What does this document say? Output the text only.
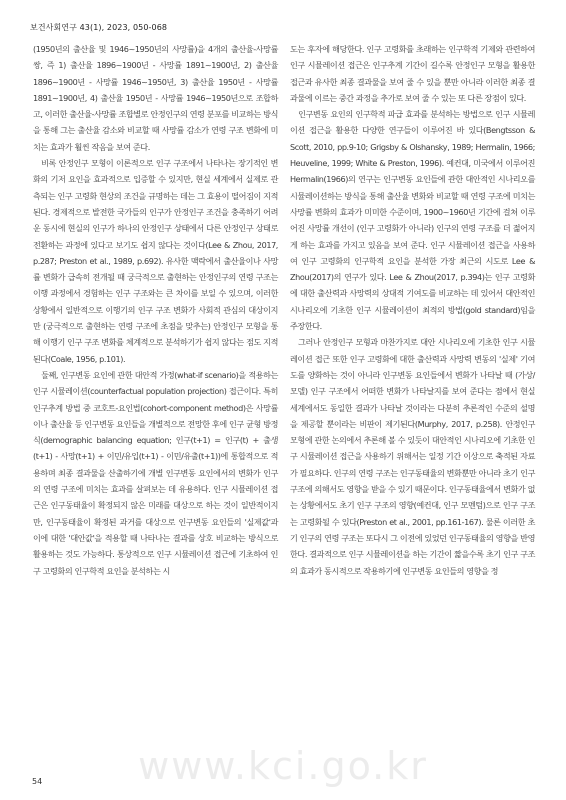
보건사회연구 43(1), 2023, 050-068

(1950년의 출산율 및 1946~1950년의 사망률)을 4개의 출산율-사망률 쌍, 즉 1) 출산율 1896~1900년 - 사망률 1891~1900년, 2) 출산율 1896~1900년 - 사망률 1946~1950년, 3) 출산율 1950년 - 사망률 1891~1900년, 4) 출산율 1950년 - 사망률 1946~1950년으로 조합하고, 이러한 출산율-사망률 조합별로 안정인구의 연령 분포를 비교하는 방식을 통해 그는 출산율 감소와 비교할 때 사망률 감소가 연령 구조 변화에 미치는 효과가 훨씬 작음을 보여 준다.

비록 안정인구 모형이 이론적으로 인구 구조에서 나타나는 장기적인 변화의 기저 요인을 효과적으로 입증할 수 있지만, 현실 세계에서 실제로 관측되는 인구 고령화 현상의 조건을 규명하는 데는 그 효용이 떨어짐이 지적된다. 경제적으로 발전한 국가들의 인구가 안정인구 조건을 충족하기 어려운 동시에 현실의 인구가 하나의 안정인구 상태에서 다른 안정인구 상태로 전환하는 과정에 있다고 보기도 쉽지 않다는 것이다(Lee & Zhou, 2017, p.287; Preston et al., 1989, p.692). 유사한 맥락에서 출산율이나 사망률 변화가 급속히 전개될 때 궁극적으로 출현하는 안정인구의 연령 구조는 이행 과정에서 경험하는 인구 구조와는 큰 차이를 보일 수 있으며, 이러한 상황에서 일반적으로 이행기의 인구 구조 변화가 사회적 관심의 대상이지만 (궁극적으로 출현하는 연령 구조에 초점을 맞추는) 안정인구 모형을 통해 이행기 인구 구조 변화를 체계적으로 분석하기가 쉽지 않다는 점도 지적된다(Coale, 1956, p.101).

둘째, 인구변동 요인에 관한 대안적 가정(what-if scenario)을 적용하는 인구 시뮬레이션(counterfactual population projection) 접근이다. 특히 인구추계 방법 중 코호트-요인법(cohort-component method)은 사망률이나 출산율 등 인구변동 요인들을 개별적으로 전망한 후에 인구 균형 방정식(demographic balancing equation; 인구(t+1) = 인구(t) + 출생(t+1) - 사망(t+1) + 이민/유입(t+1) - 이민/유출(t+1))에 통합적으로 적용하며 최종 결과물을 산출하기에 개별 인구변동 요인에서의 변화가 인구의 연령 구조에 미치는 효과를 살펴보는 데 유용하다. 인구 시뮬레이션 접근은 인구동태율이 확정되지 않은 미래를 대상으로 하는 것이 일반적이지만, 인구동태율이 확정된 과거를 대상으로 인구변동 요인들의 '실제값'과 이에 대한 '대안값'을 적용할 때 나타나는 결과를 상호 비교하는 방식으로 활용하는 것도 가능하다. 통상적으로 인구 시뮬레이션 접근에 기초하여 인구 고령화의 인구학적 요인을 분석하는 시

도는 후자에 해당한다. 인구 고령화를 초래하는 인구학적 기제와 관련하여 인구 시뮬레이션 접근은 인구추계 기간이 길수록 안정인구 모형을 활용한 접근과 유사한 최종 결과물을 보여 줄 수 있을 뿐만 아니라 이러한 최종 결과물에 이르는 중간 과정을 추가로 보여 줄 수 있는 또 다른 장점이 있다.

인구변동 요인의 인구학적 파급 효과를 분석하는 방법으로 인구 시뮬레이션 접근을 활용한 다양한 연구들이 이루어진 바 있다(Bengtsson & Scott, 2010, pp.9-10; Grigsby & Olshansky, 1989; Hermalin, 1966; Heuveline, 1999; White & Preston, 1996). 예컨대, 미국에서 이루어진 Hermalin(1966)의 연구는 인구변동 요인들에 관한 대안적인 시나리오를 시뮬레이션하는 방식을 통해 출산율 변화와 비교할 때 연령 구조에 미치는 사망률 변화의 효과가 미미한 수준이며, 1900~1960년 기간에 걸쳐 이루어진 사망률 개선이 (인구 고령화가 아니라) 인구의 연령 구조를 더 젊어지게 하는 효과를 가지고 있음을 보여 준다. 인구 시뮬레이션 접근을 사용하여 인구 고령화의 인구학적 요인을 분석한 가장 최근의 시도로 Lee & Zhou(2017)의 연구가 있다. Lee & Zhou(2017, p.394)는 인구 고령화에 대한 출산력과 사망력의 상대적 기여도를 비교하는 데 있어서 대안적인 시나리오에 기초한 인구 시뮬레이션이 최적의 방법(gold standard)임을 주장한다.

그러나 안정인구 모형과 마찬가지로 대안 시나리오에 기초한 인구 시뮬레이션 접근 또한 인구 고령화에 대한 출산력과 사망력 변동의 '실제' 기여도를 양화하는 것이 아니라 인구변동 요인들에서 변화가 나타날 때 (가상/모델) 인구 구조에서 어떠한 변화가 나타날지를 보여 준다는 점에서 현실 세계에서도 동일한 결과가 나타날 것이라는 다분히 추론적인 수준의 설명을 제공할 뿐이라는 비판이 제기된다(Murphy, 2017, p.258). 안정인구 모형에 관한 논의에서 추론해 볼 수 있듯이 대안적인 시나리오에 기초한 인구 시뮬레이션 접근을 사용하기 위해서는 일정 기간 이상으로 축적된 자료가 필요하다. 인구의 연령 구조는 인구동태율의 변화뿐만 아니라 초기 인구 구조에 의해서도 영향을 받을 수 있기 때문이다. 인구동태율에서 변화가 없는 상황에서도 초기 인구 구조의 영향(예컨대, 인구 모멘텀)으로 인구 구조는 고령화될 수 있다(Preston et al., 2001, pp.161-167). 물론 이러한 초기 인구의 연령 구조는 또다시 그 이전에 있었던 인구동태율의 영향을 반영한다. 결과적으로 인구 시뮬레이션을 하는 기간이 짧을수록 초기 인구 구조의 효과가 동시적으로 작용하기에 인구변동 요인들의 영향을 정

www.kci.go.kr
54
